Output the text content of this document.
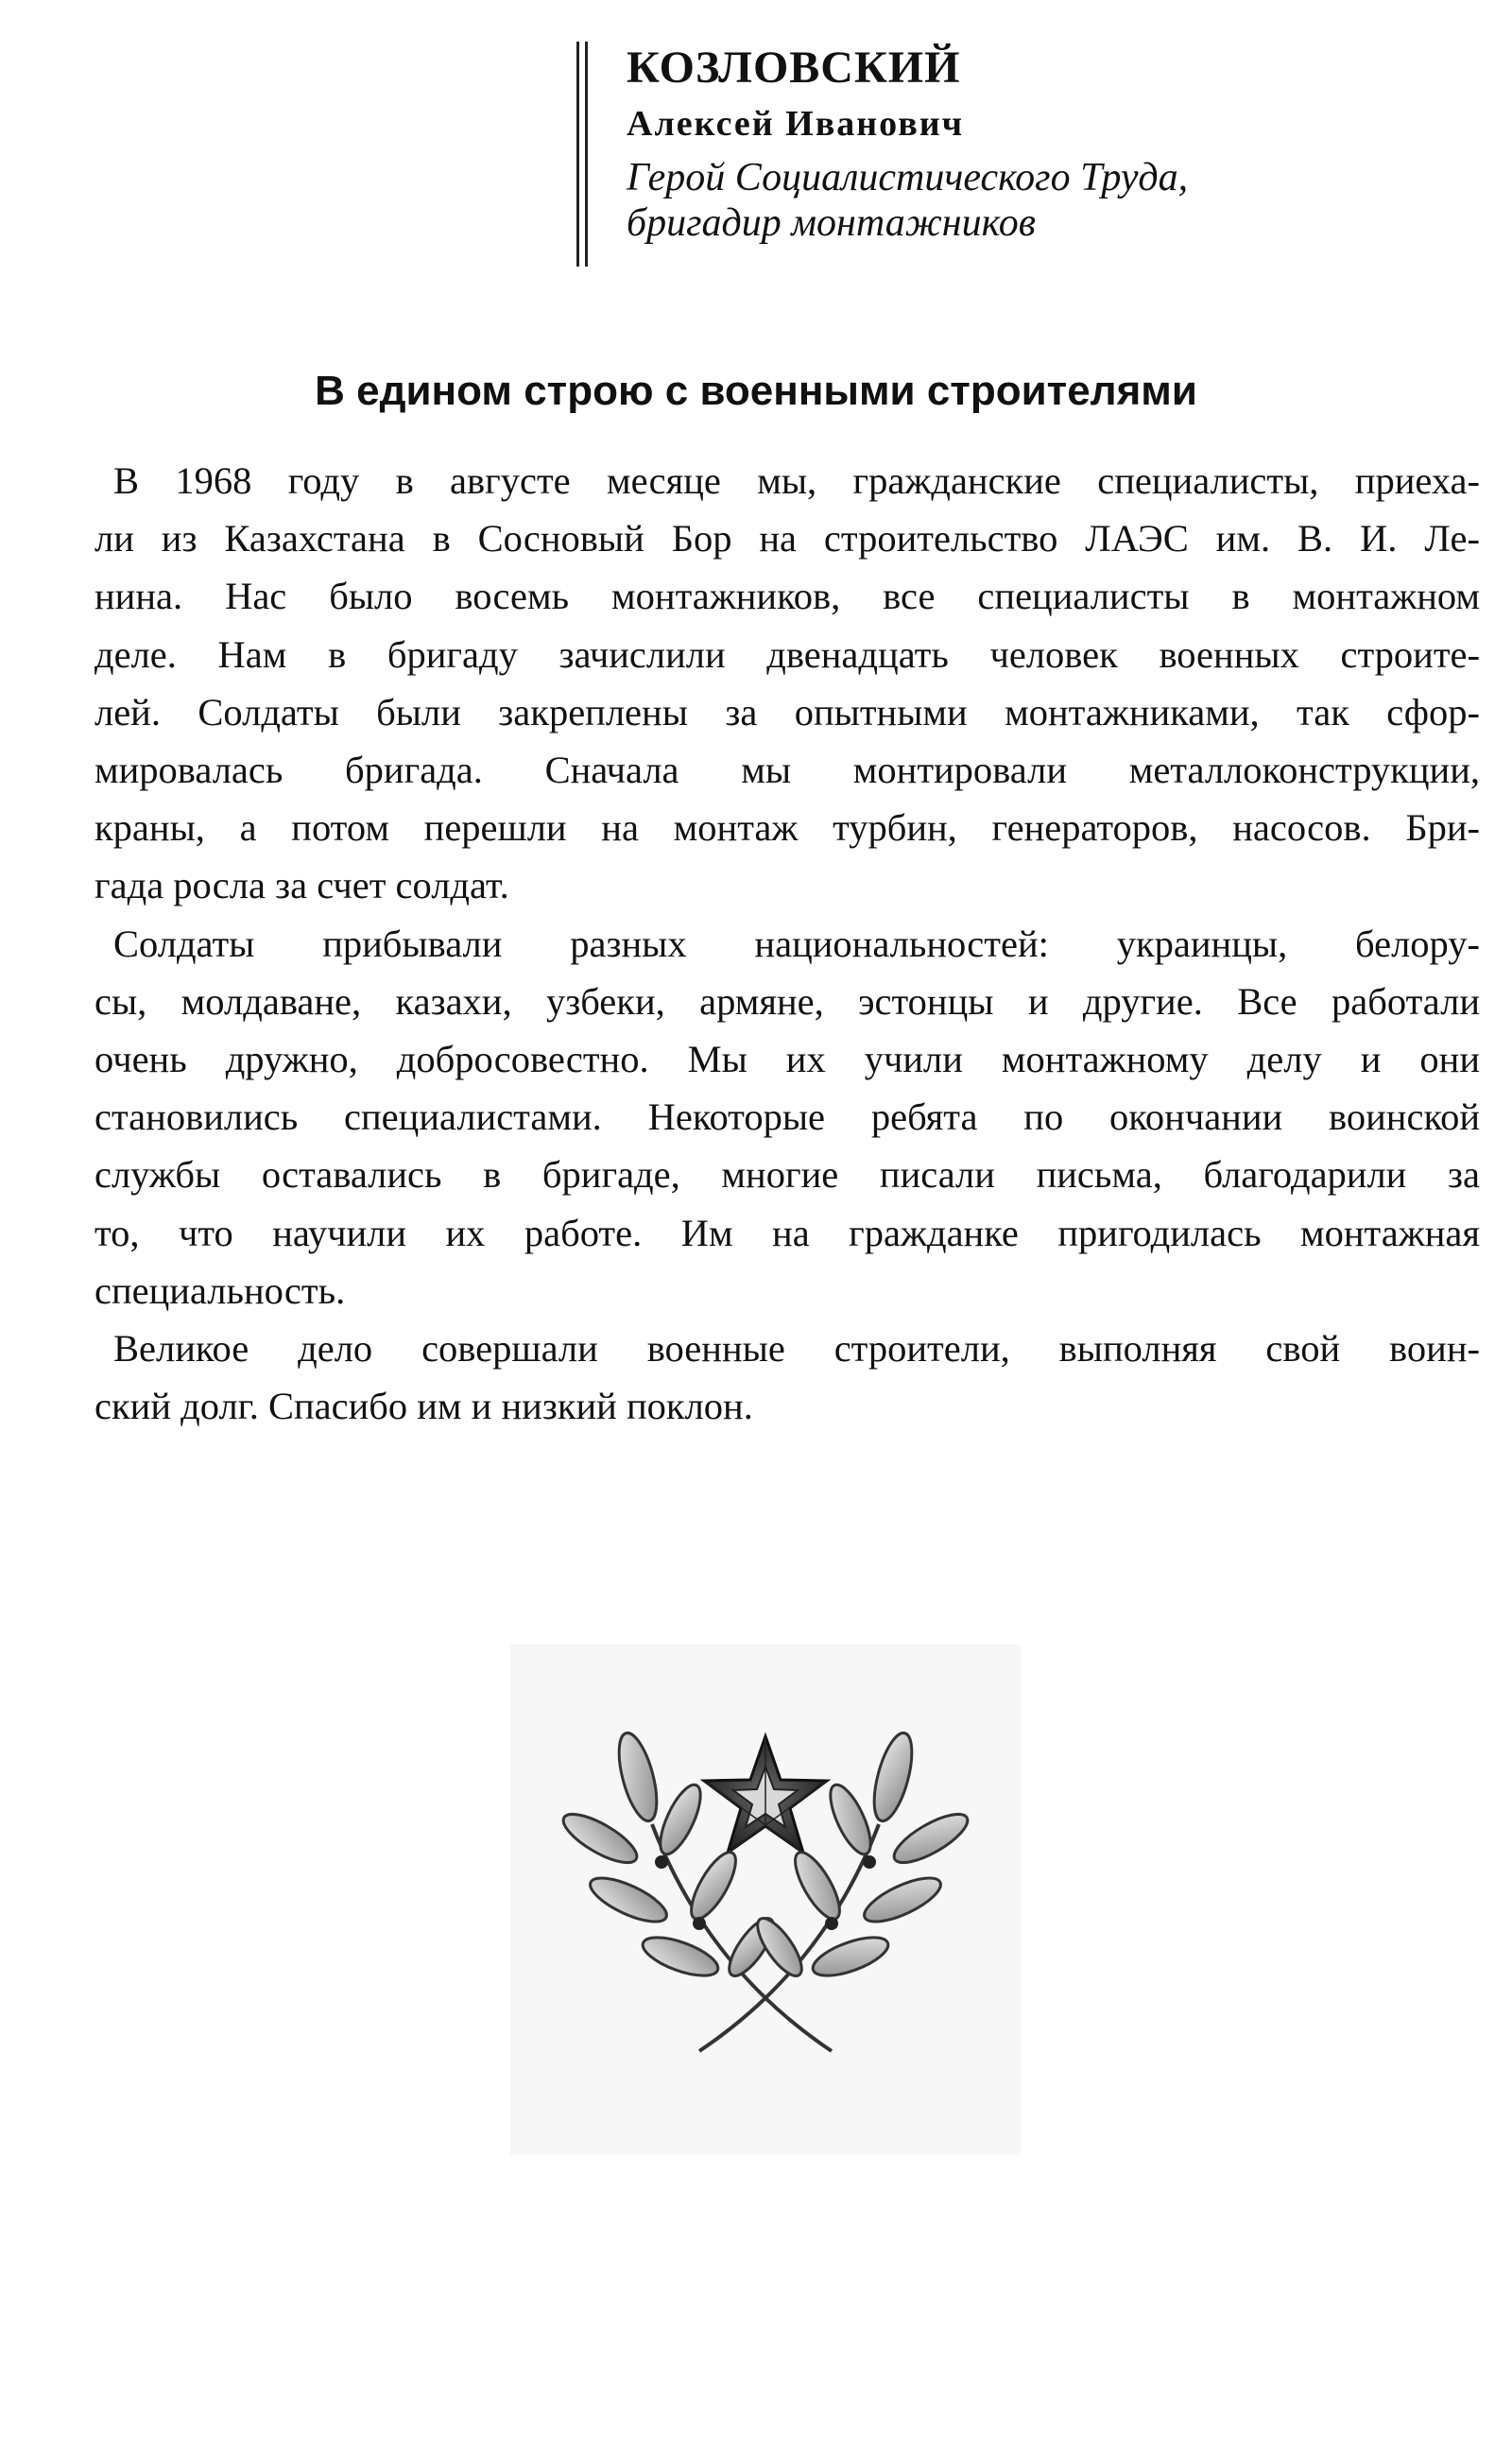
КОЗЛОВСКИЙ
Алексей Иванович
Герой Социалистического Труда,
бригадир монтажников
В едином строю с военными строителями

В 1968 году в августе месяце мы, гражданские специалисты, приеха-
ли из Казахстана в Сосновый Бор на строительство ЛАЭС им. В. И. Ле-
нина. Нас было восемь монтажников, все специалисты в монтажном
деле. Нам в бригаду зачислили двенадцать человек военных строите-
лей. Солдаты были закреплены за опытными монтажниками, так сфор-
мировалась бригада. Сначала мы монтировали металлоконструкции,
краны, а потом перешли на монтаж турбин, генераторов, насосов. Бри-
гада росла за счет солдат.

Солдаты прибывали разных национальностей: украинцы, белору-
сы, молдаване, казахи, узбеки, армяне, эстонцы и другие. Все работали
очень дружно, добросовестно. Мы их учили монтажному делу и они
становились специалистами. Некоторые ребята по окончании воинской
службы оставались в бригаде, многие писали письма, благодарили за
то, что научили их работе. Им на гражданке пригодилась монтажная
специальность.

Великое дело совершали военные строители, выполняя свой воин-
ский долг. Спасибо им и низкий поклон.
